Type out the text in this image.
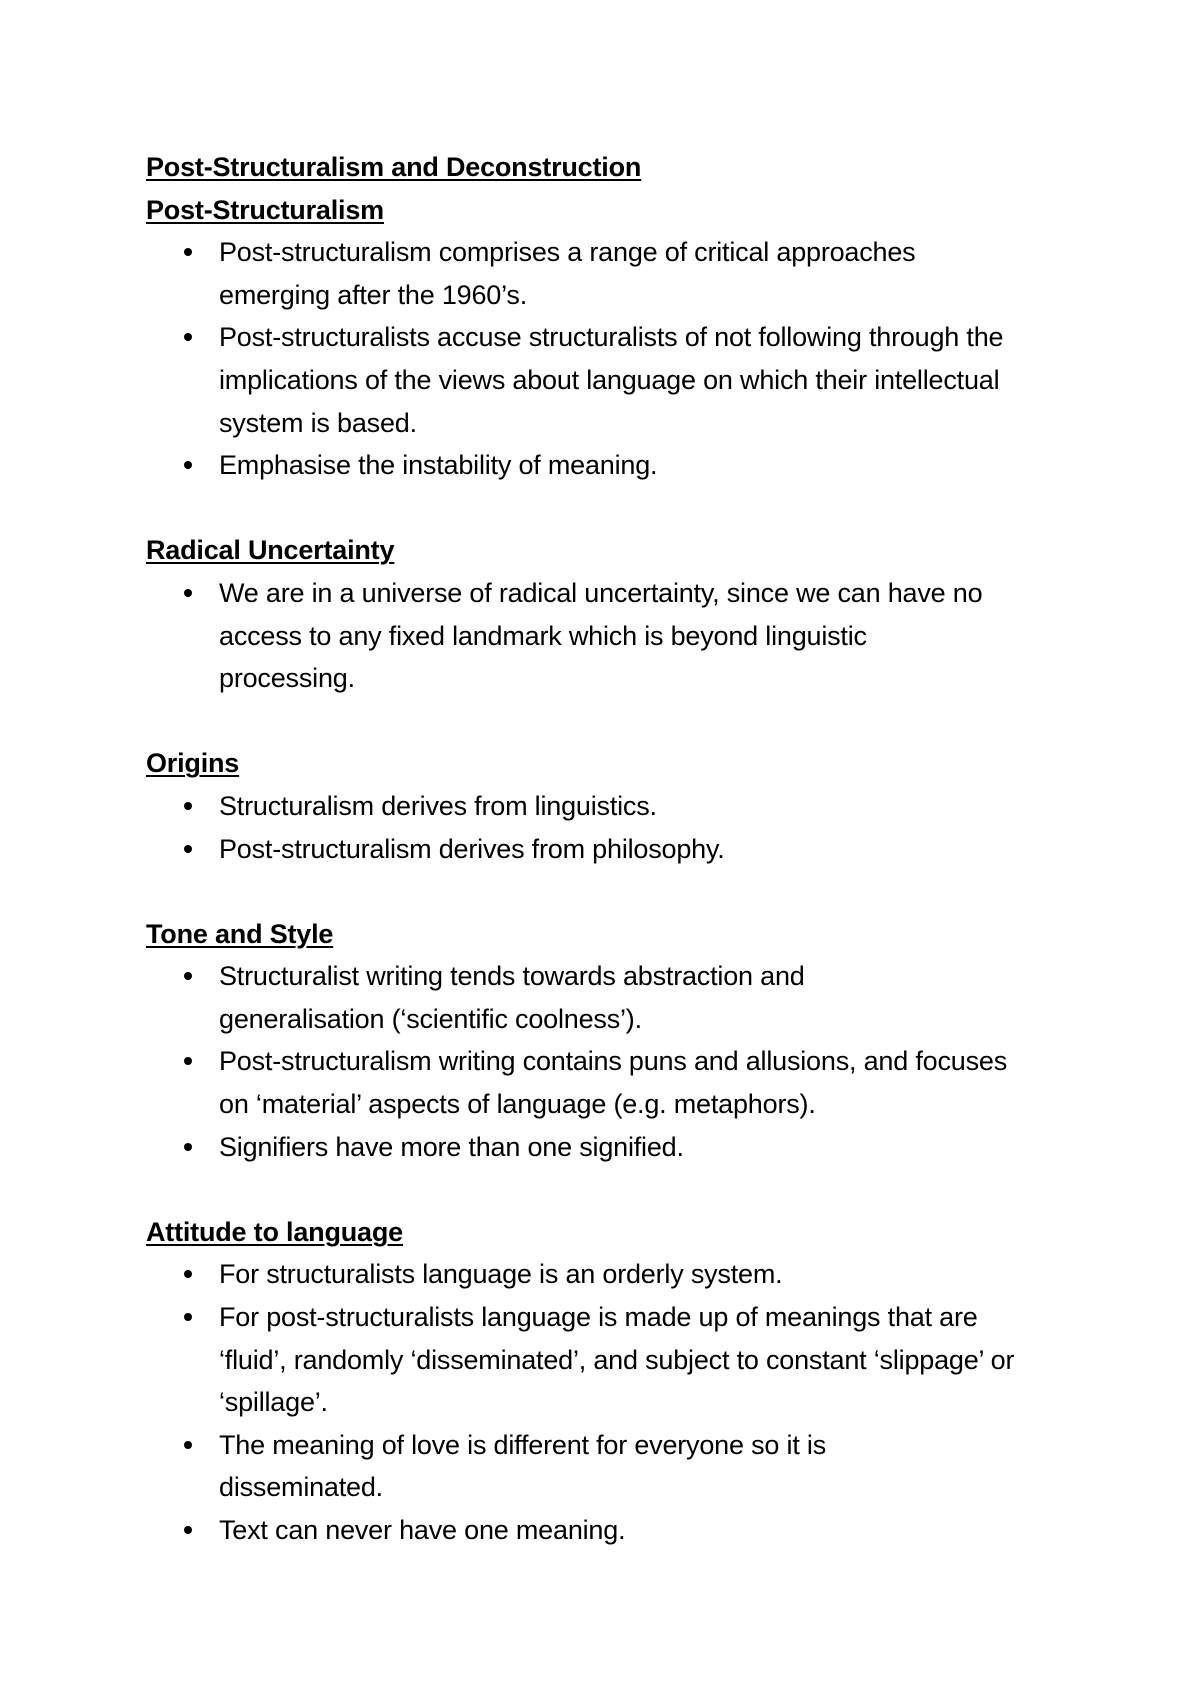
Post-Structuralism and Deconstruction
Post-Structuralism
Post-structuralism comprises a range of critical approaches emerging after the 1960’s.
Post-structuralists accuse structuralists of not following through the implications of the views about language on which their intellectual system is based.
Emphasise the instability of meaning.
Radical Uncertainty
We are in a universe of radical uncertainty, since we can have no access to any fixed landmark which is beyond linguistic processing.
Origins
Structuralism derives from linguistics.
Post-structuralism derives from philosophy.
Tone and Style
Structuralist writing tends towards abstraction and generalisation (‘scientific coolness’).
Post-structuralism writing contains puns and allusions, and focuses on ‘material’ aspects of language (e.g. metaphors).
Signifiers have more than one signified.
Attitude to language
For structuralists language is an orderly system.
For post-structuralists language is made up of meanings that are ‘fluid’, randomly ‘disseminated’, and subject to constant ‘slippage’ or ‘spillage’.
The meaning of love is different for everyone so it is disseminated.
Text can never have one meaning.
